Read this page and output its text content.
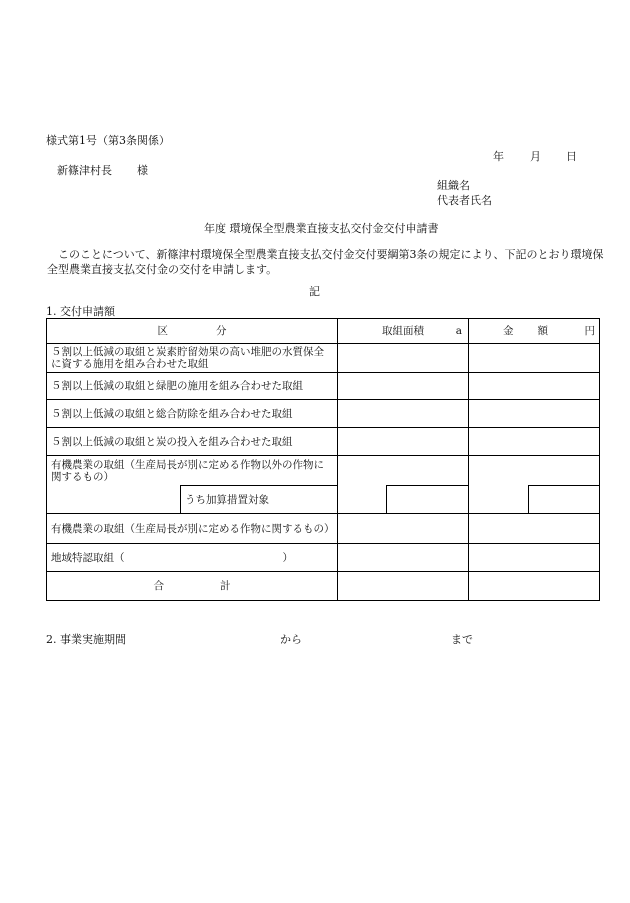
様式第1号（第3条関係）
年 月 日
新篠津村長 様
組織名
代表者氏名
年度 環境保全型農業直接支払交付金交付申請書
このことについて、新篠津村環境保全型農業直接支払交付金交付要綱第3条の規定により、下記のとおり環境保全型農業直接支払交付金の交付を申請します。
記
1. 交付申請額
区 分		取組面積 a		金 額 円	

５割以上低減の取組と炭素貯留効果の高い堆肥の水質保全に資する施用を組み合わせた取組					
５割以上低減の取組と緑肥の施用を組み合わせた取組					
５割以上低減の取組と総合防除を組み合わせた取組					
５割以上低減の取組と炭の投入を組み合わせた取組					
有機農業の取組（生産局長が別に定める作物以外の作物に関するもの）					
	うち加算措置対象				
有機農業の取組（生産局長が別に定める作物に関するもの）					
地域特認取組（ ）					
合 計					
2. 事業実施期間	から	まで
